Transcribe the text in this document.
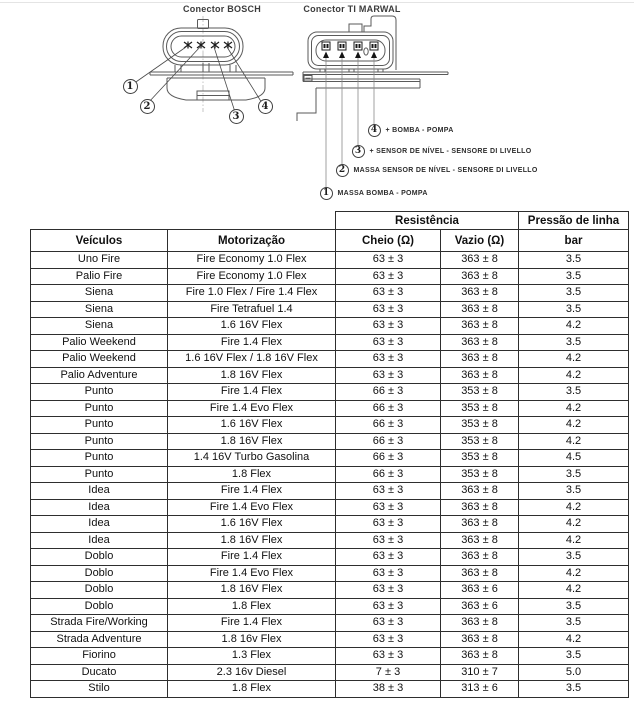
Conector BOSCH	Conector TI MARWAL
1
2
3
4
4	+ BOMBA - POMPA
3	+ SENSOR DE NÍVEL - SENSORE DI LIVELLO
2	MASSA SENSOR DE NÍVEL - SENSORE DI LIVELLO
1	MASSA BOMBA - POMPA
		Resistência		Pressão de linha
Veículos	Motorização	Cheio (Ω)	Vazio (Ω)	bar
Uno Fire	Fire Economy 1.0 Flex	63 ± 3	363 ± 8	3.5
Palio Fire	Fire Economy 1.0 Flex	63 ± 3	363 ± 8	3.5
Siena	Fire 1.0 Flex / Fire 1.4 Flex	63 ± 3	363 ± 8	3.5
Siena	Fire Tetrafuel 1.4	63 ± 3	363 ± 8	3.5
Siena	1.6 16V Flex	63 ± 3	363 ± 8	4.2
Palio Weekend	Fire 1.4 Flex	63 ± 3	363 ± 8	3.5
Palio Weekend	1.6 16V Flex / 1.8 16V Flex	63 ± 3	363 ± 8	4.2
Palio Adventure	1.8 16V Flex	63 ± 3	363 ± 8	4.2
Punto	Fire 1.4 Flex	66 ± 3	353 ± 8	3.5
Punto	Fire 1.4 Evo Flex	66 ± 3	353 ± 8	4.2
Punto	1.6 16V Flex	66 ± 3	353 ± 8	4.2
Punto	1.8 16V Flex	66 ± 3	353 ± 8	4.2
Punto	1.4 16V Turbo Gasolina	66 ± 3	353 ± 8	4.5
Punto	1.8 Flex	66 ± 3	353 ± 8	3.5
Idea	Fire 1.4 Flex	63 ± 3	363 ± 8	3.5
Idea	Fire 1.4 Evo Flex	63 ± 3	363 ± 8	4.2
Idea	1.6 16V Flex	63 ± 3	363 ± 8	4.2
Idea	1.8 16V Flex	63 ± 3	363 ± 8	4.2
Doblo	Fire 1.4 Flex	63 ± 3	363 ± 8	3.5
Doblo	Fire 1.4 Evo Flex	63 ± 3	363 ± 8	4.2
Doblo	1.8 16V Flex	63 ± 3	363 ± 6	4.2
Doblo	1.8 Flex	63 ± 3	363 ± 6	3.5
Strada Fire/Working	Fire 1.4 Flex	63 ± 3	363 ± 8	3.5
Strada Adventure	1.8 16v Flex	63 ± 3	363 ± 8	4.2
Fiorino	1.3 Flex	63 ± 3	363 ± 8	3.5
Ducato	2.3 16v Diesel	7 ± 3	310 ± 7	5.0
Stilo	1.8 Flex	38 ± 3	313 ± 6	3.5
